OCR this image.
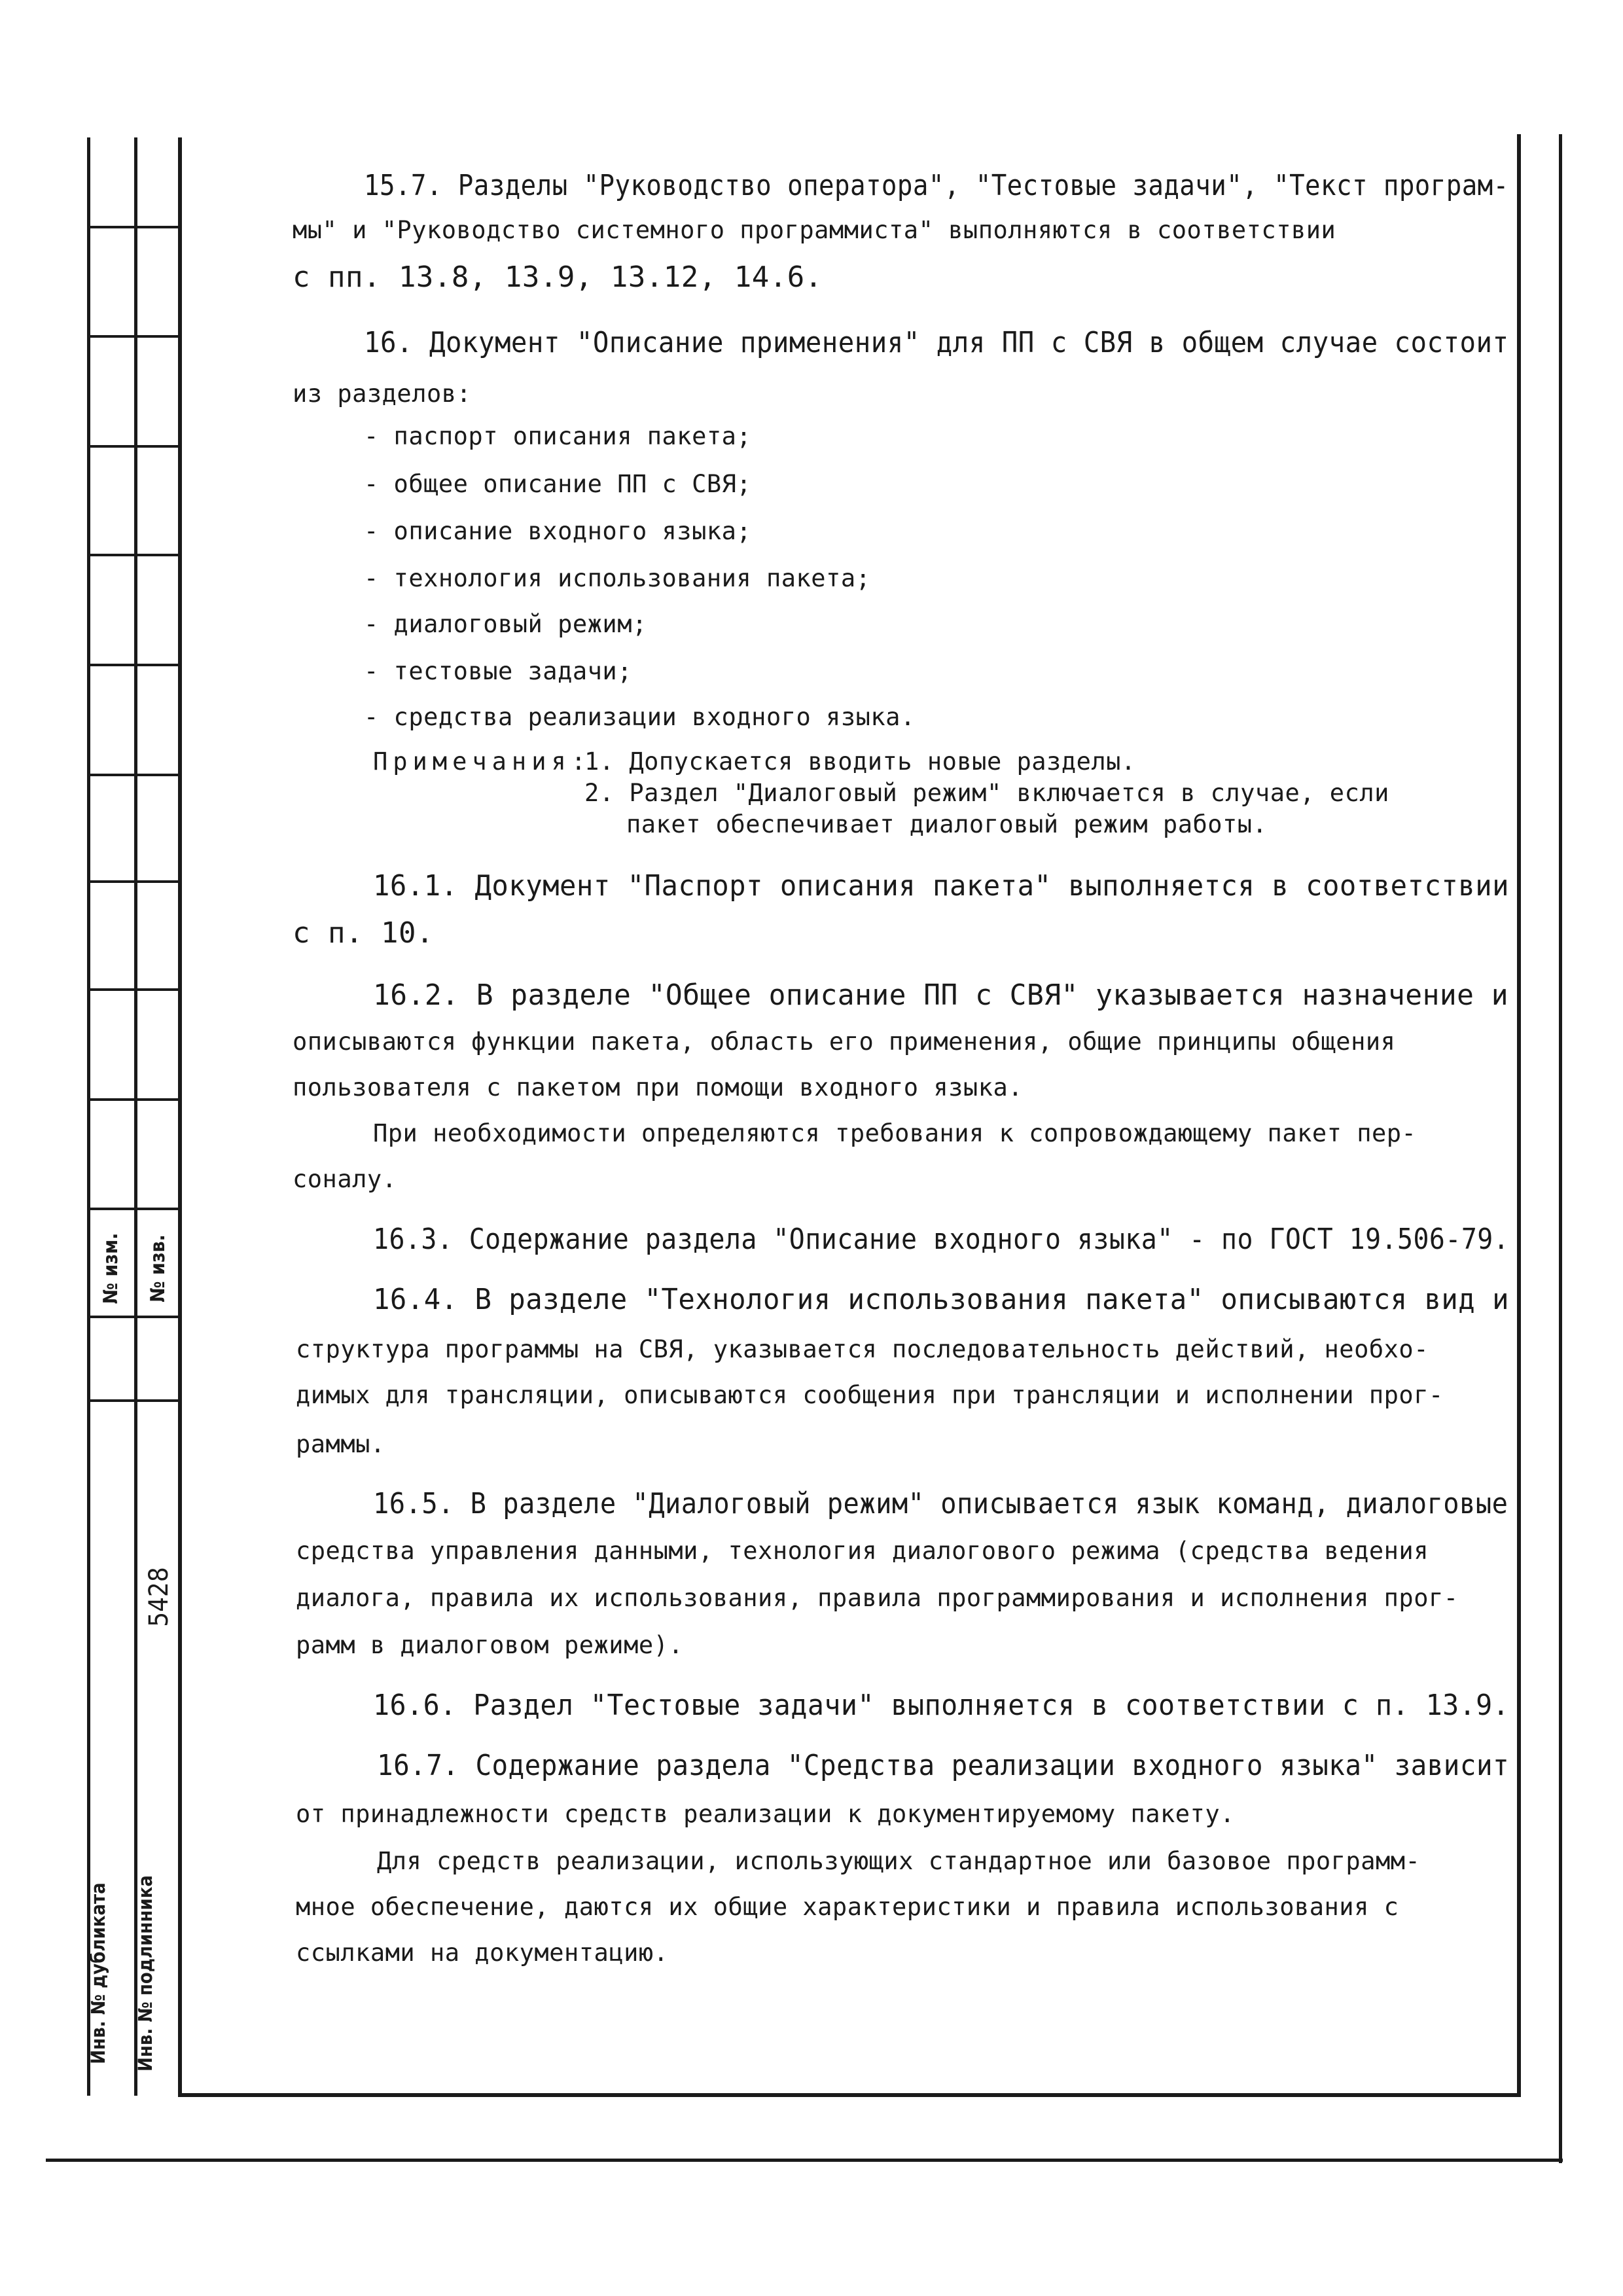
№ изм. № изв.
5428
Инв. № дубликата Инв. № подлинника
15.7. Разделы "Руководство оператора", "Тестовые задачи", "Текст програм-
мы" и "Руководство системного программиста" выполняются в соответствии
с пп. 13.8, 13.9, 13.12, 14.6.
16. Документ "Описание применения" для ПП с СВЯ в общем случае состоит
из разделов:
- паспорт описания пакета;
- общее описание ПП с СВЯ;
- описание входного языка;
- технология использования пакета;
- диалоговый режим;
- тестовые задачи;
- средства реализации входного языка.
Примечания:
1. Допускается вводить новые разделы.
2. Раздел "Диалоговый режим" включается в случае, если
пакет обеспечивает диалоговый режим работы.
16.1. Документ "Паспорт описания пакета" выполняется в соответствии
с п. 10.
16.2. В разделе "Общее описание ПП с СВЯ" указывается назначение и
описываются функции пакета, область его применения, общие принципы общения
пользователя с пакетом при помощи входного языка.
При необходимости определяются требования к сопровождающему пакет пер-
соналу.
16.3. Содержание раздела "Описание входного языка" - по ГОСТ 19.506-79.
16.4. В разделе "Технология использования пакета" описываются вид и
структура программы на СВЯ, указывается последовательность действий, необхо-
димых для трансляции, описываются сообщения при трансляции и исполнении прог-
раммы.
16.5. В разделе "Диалоговый режим" описывается язык команд, диалоговые
средства управления данными, технология диалогового режима (средства ведения
диалога, правила их использования, правила программирования и исполнения прог-
рамм в диалоговом режиме).
16.6. Раздел "Тестовые задачи" выполняется в соответствии с п. 13.9.
16.7. Содержание раздела "Средства реализации входного языка" зависит
от принадлежности средств реализации к документируемому пакету.
Для средств реализации, использующих стандартное или базовое программ-
мное обеспечение, даются их общие характеристики и правила использования с
ссылками на документацию.
